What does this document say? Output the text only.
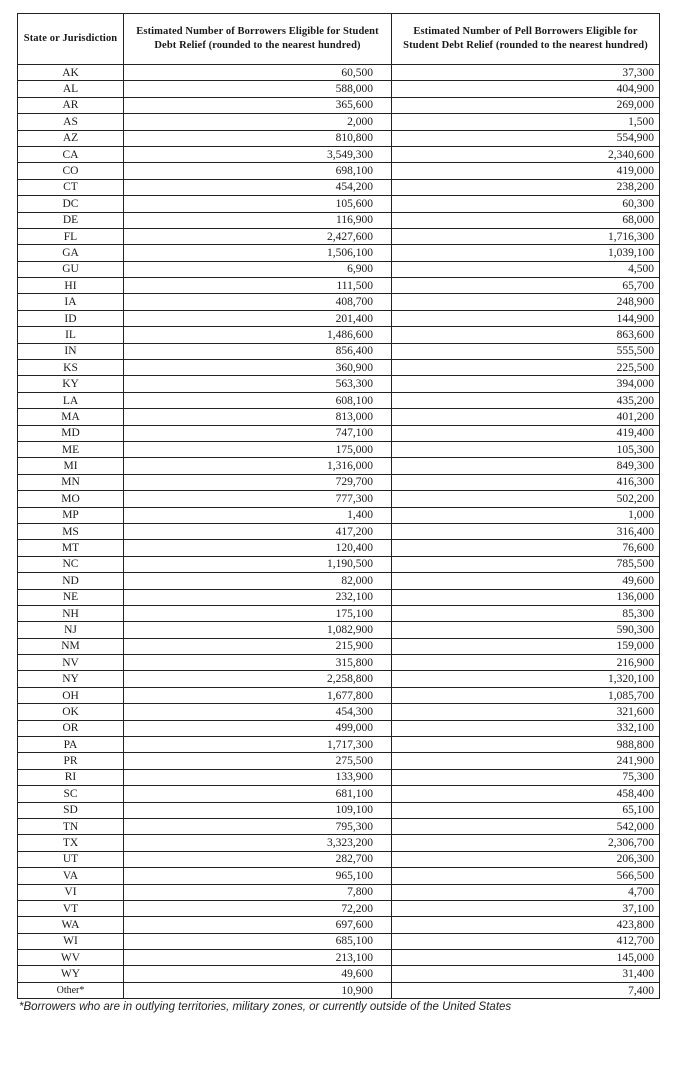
State or Jurisdiction	Estimated Number of Borrowers Eligible for Student Debt Relief (rounded to the nearest hundred)	Estimated Number of Pell Borrowers Eligible for Student Debt Relief (rounded to the nearest hundred)
AK	60,500	37,300
AL	588,000	404,900
AR	365,600	269,000
AS	2,000	1,500
AZ	810,800	554,900
CA	3,549,300	2,340,600
CO	698,100	419,000
CT	454,200	238,200
DC	105,600	60,300
DE	116,900	68,000
FL	2,427,600	1,716,300
GA	1,506,100	1,039,100
GU	6,900	4,500
HI	111,500	65,700
IA	408,700	248,900
ID	201,400	144,900
IL	1,486,600	863,600
IN	856,400	555,500
KS	360,900	225,500
KY	563,300	394,000
LA	608,100	435,200
MA	813,000	401,200
MD	747,100	419,400
ME	175,000	105,300
MI	1,316,000	849,300
MN	729,700	416,300
MO	777,300	502,200
MP	1,400	1,000
MS	417,200	316,400
MT	120,400	76,600
NC	1,190,500	785,500
ND	82,000	49,600
NE	232,100	136,000
NH	175,100	85,300
NJ	1,082,900	590,300
NM	215,900	159,000
NV	315,800	216,900
NY	2,258,800	1,320,100
OH	1,677,800	1,085,700
OK	454,300	321,600
OR	499,000	332,100
PA	1,717,300	988,800
PR	275,500	241,900
RI	133,900	75,300
SC	681,100	458,400
SD	109,100	65,100
TN	795,300	542,000
TX	3,323,200	2,306,700
UT	282,700	206,300
VA	965,100	566,500
VI	7,800	4,700
VT	72,200	37,100
WA	697,600	423,800
WI	685,100	412,700
WV	213,100	145,000
WY	49,600	31,400
Other*	10,900	7,400
*Borrowers who are in outlying territories, military zones, or currently outside of the United States
